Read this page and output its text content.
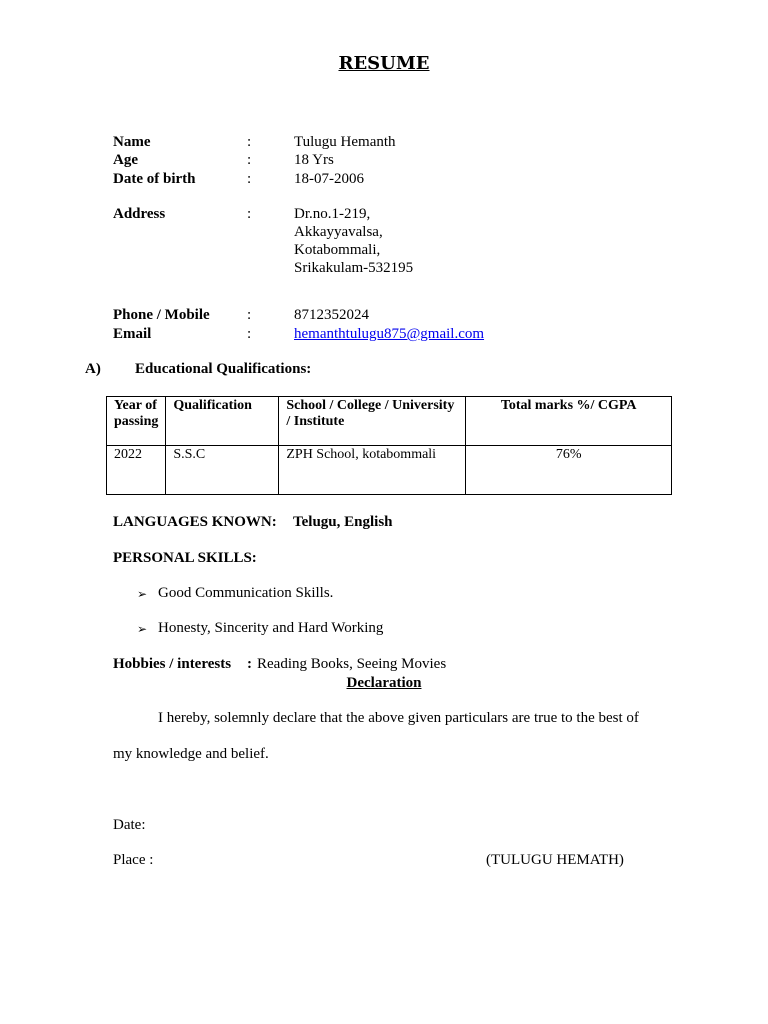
RESUME
Name	:	Tulugu Hemanth
Age	:	18 Yrs
Date of birth	:	18-07-2006
Address	:	Dr.no.1-219,
Akkayyavalsa,
Kotabommali,
Srikakulam-532195
Phone / Mobile :	8712352024
Email	:	hemanthtulugu875@gmail.com
A) Educational Qualifications:
Year of passing	Qualification	School / College / University / Institute	Total marks %/ CGPA
2022	S.S.C	ZPH School, kotabommali	76%
LANGUAGES KNOWN: Telugu, English
PERSONAL SKILLS:
➢ Good Communication Skills.
➢ Honesty, Sincerity and Hard Working
Hobbies / interests : Reading Books, Seeing Movies
Declaration
I hereby, solemnly declare that the above given particulars are true to the best of
my knowledge and belief.
Date:
Place :	(TULUGU HEMATH)
